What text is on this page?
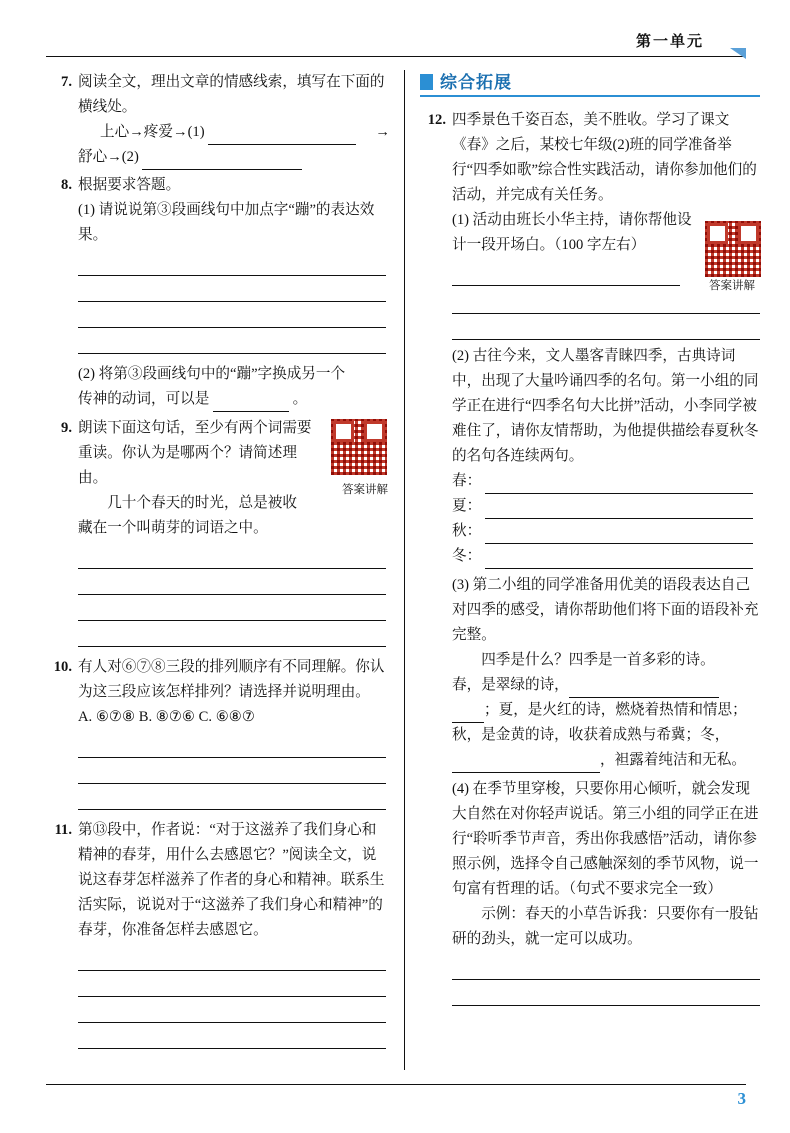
第一单元
7. 阅读全文，理出文章的情感线索，填写在下面的横线处。
上心→疼爱→(1)	→
舒心→(2)
8. 根据要求答题。
(1) 请说说第③段画线句中加点字“蹦”的表达效果。
(2) 将第③段画线句中的“蹦”字换成另一个
传神的动词，可以是	。
9. 朗读下面这句话，至少有两个词需要重读。你认为是哪两个？请简述理由。
答案讲解
几十个春天的时光，总是被收
藏在一个叫萌芽的词语之中。
10. 有人对⑥⑦⑧三段的排列顺序有不同理解。你认为这三段应该怎样排列？请选择并说明理由。
A. ⑥⑦⑧ B. ⑧⑦⑥ C. ⑥⑧⑦
11. 第⑬段中，作者说：“对于这滋养了我们身心和精神的春芽，用什么去感恩它？”阅读全文，说说这春芽怎样滋养了作者的身心和精神。联系生活实际，说说对于“这滋养了我们身心和精神”的春芽，你准备怎样去感恩它。
综合拓展
12. 四季景色千姿百态，美不胜收。学习了课文《春》之后，某校七年级(2)班的同学准备举行“四季如歌”综合性实践活动，请你参加他们的活动，并完成有关任务。
(1) 活动由班长小华主持，请你帮他设计一段开场白。（100 字左右）
答案讲解
(2) 古往今来，文人墨客青睐四季，古典诗词中，出现了大量吟诵四季的名句。第一小组的同学正在进行“四季名句大比拼”活动，小李同学被难住了，请你友情帮助，为他提供描绘春夏秋冬的名句各连续两句。
春：
夏：
秋：
冬：
(3) 第二小组的同学准备用优美的语段表达自己对四季的感受，请你帮助他们将下面的语段补充完整。
四季是什么？四季是一首多彩的诗。
春，是翠绿的诗，
；夏，是火红的诗，燃烧着热情和情思；
秋，是金黄的诗，收获着成熟与希冀；冬，
，袒露着纯洁和无私。
(4) 在季节里穿梭，只要你用心倾听，就会发现大自然在对你轻声说话。第三小组的同学正在进行“聆听季节声音，秀出你我感悟”活动，请你参照示例，选择令自己感触深刻的季节风物，说一句富有哲理的话。（句式不要求完全一致）
示例：春天的小草告诉我：只要你有一股钻研的劲头，就一定可以成功。
3
